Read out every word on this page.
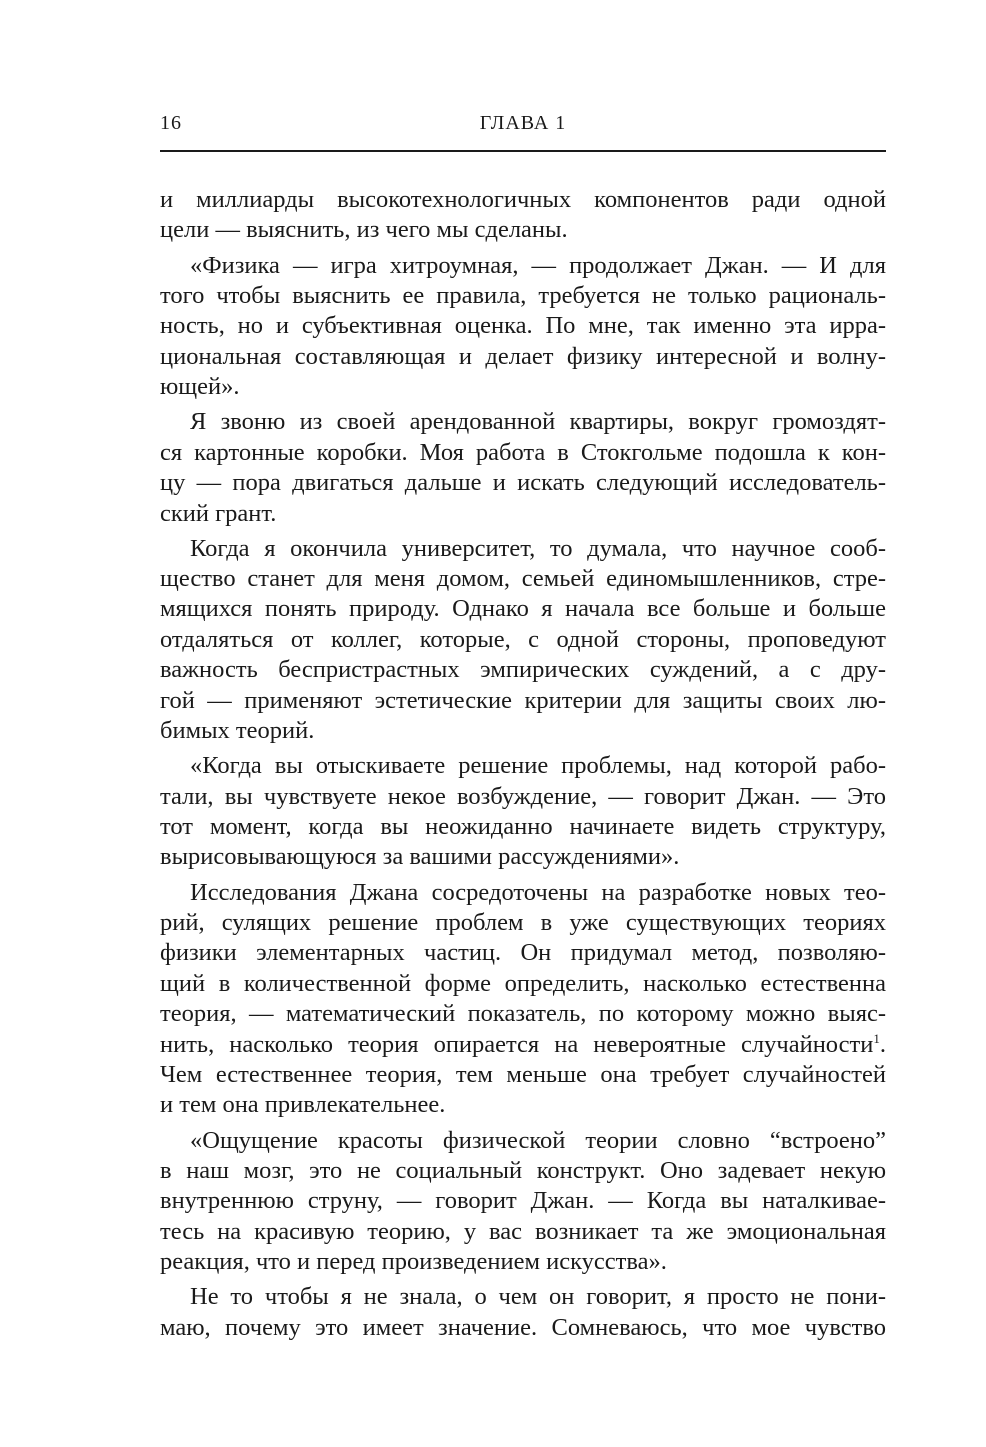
16	ГЛАВА 1
и миллиарды высокотехнологичных компонентов ради одной
цели — выяснить, из чего мы сделаны.
«Физика — игра хитроумная, — продолжает Джан. — И для
того чтобы выяснить ее правила, требуется не только рациональ-
ность, но и субъективная оценка. По мне, так именно эта ирра-
циональная составляющая и делает физику интересной и волну-
ющей».
Я звоню из своей арендованной квартиры, вокруг громоздят-
ся картонные коробки. Моя работа в Стокгольме подошла к кон-
цу — пора двигаться дальше и искать следующий исследователь-
ский грант.
Когда я окончила университет, то думала, что научное сооб-
щество станет для меня домом, семьей единомышленников, стре-
мящихся понять природу. Однако я начала все больше и больше
отдаляться от коллег, которые, с одной стороны, проповедуют
важность беспристрастных эмпирических суждений, а с дру-
гой — применяют эстетические критерии для защиты своих лю-
бимых теорий.
«Когда вы отыскиваете решение проблемы, над которой рабо-
тали, вы чувствуете некое возбуждение, — говорит Джан. — Это
тот момент, когда вы неожиданно начинаете видеть структуру,
вырисовывающуюся за вашими рассуждениями».
Исследования Джана сосредоточены на разработке новых тео-
рий, сулящих решение проблем в уже существующих теориях
физики элементарных частиц. Он придумал метод, позволяю-
щий в количественной форме определить, насколько естественна
теория, — математический показатель, по которому можно выяс-
нить, насколько теория опирается на невероятные случайности$^1$.
Чем естественнее теория, тем меньше она требует случайностей
и тем она привлекательнее.
«Ощущение красоты физической теории словно “встроено”
в наш мозг, это не социальный конструкт. Оно задевает некую
внутреннюю струну, — говорит Джан. — Когда вы наталкивае-
тесь на красивую теорию, у вас возникает та же эмоциональная
реакция, что и перед произведением искусства».
Не то чтобы я не знала, о чем он говорит, я просто не пони-
маю, почему это имеет значение. Сомневаюсь, что мое чувство
